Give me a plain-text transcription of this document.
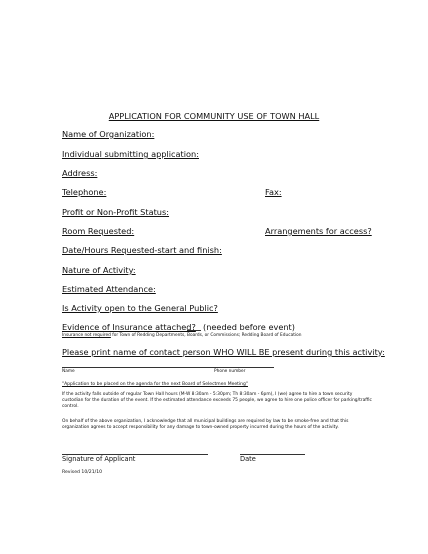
APPLICATION FOR COMMUNITY USE OF TOWN HALL
Name of Organization:
Individual submitting application:
Address:
Telephone:	Fax:
Profit or Non-Profit Status:
Room Requested:	Arrangements for access?
Date/Hours Requested-start and finish:
Nature of Activity:
Estimated Attendance:
Is Activity open to the General Public?
Evidence of Insurance attached? (needed before event)
Insurance not required for Town of Redding Departments, Boards, or Commissions; Redding Board of Education
Please print name of contact person WHO WILL BE present during this activity:
Name	Phone number
"Application to be placed on the agenda for the next Board of Selectmen Meeting"
If the activity falls outside of regular Town Hall hours (M-W 8:30am - 5:30pm; Th 8:30am - 6pm), I (we) agree to hire a town security custodian for the duration of the event. If the estimated attendance exceeds 75 people, we agree to hire one police officer for parking/traffic control.
On behalf of the above organization, I acknowledge that all municipal buildings are required by law to be smoke-free and that this organization agrees to accept responsibility for any damage to town-owned property incurred during the hours of the activity.
Signature of Applicant	Date
Revised 10/21/10
